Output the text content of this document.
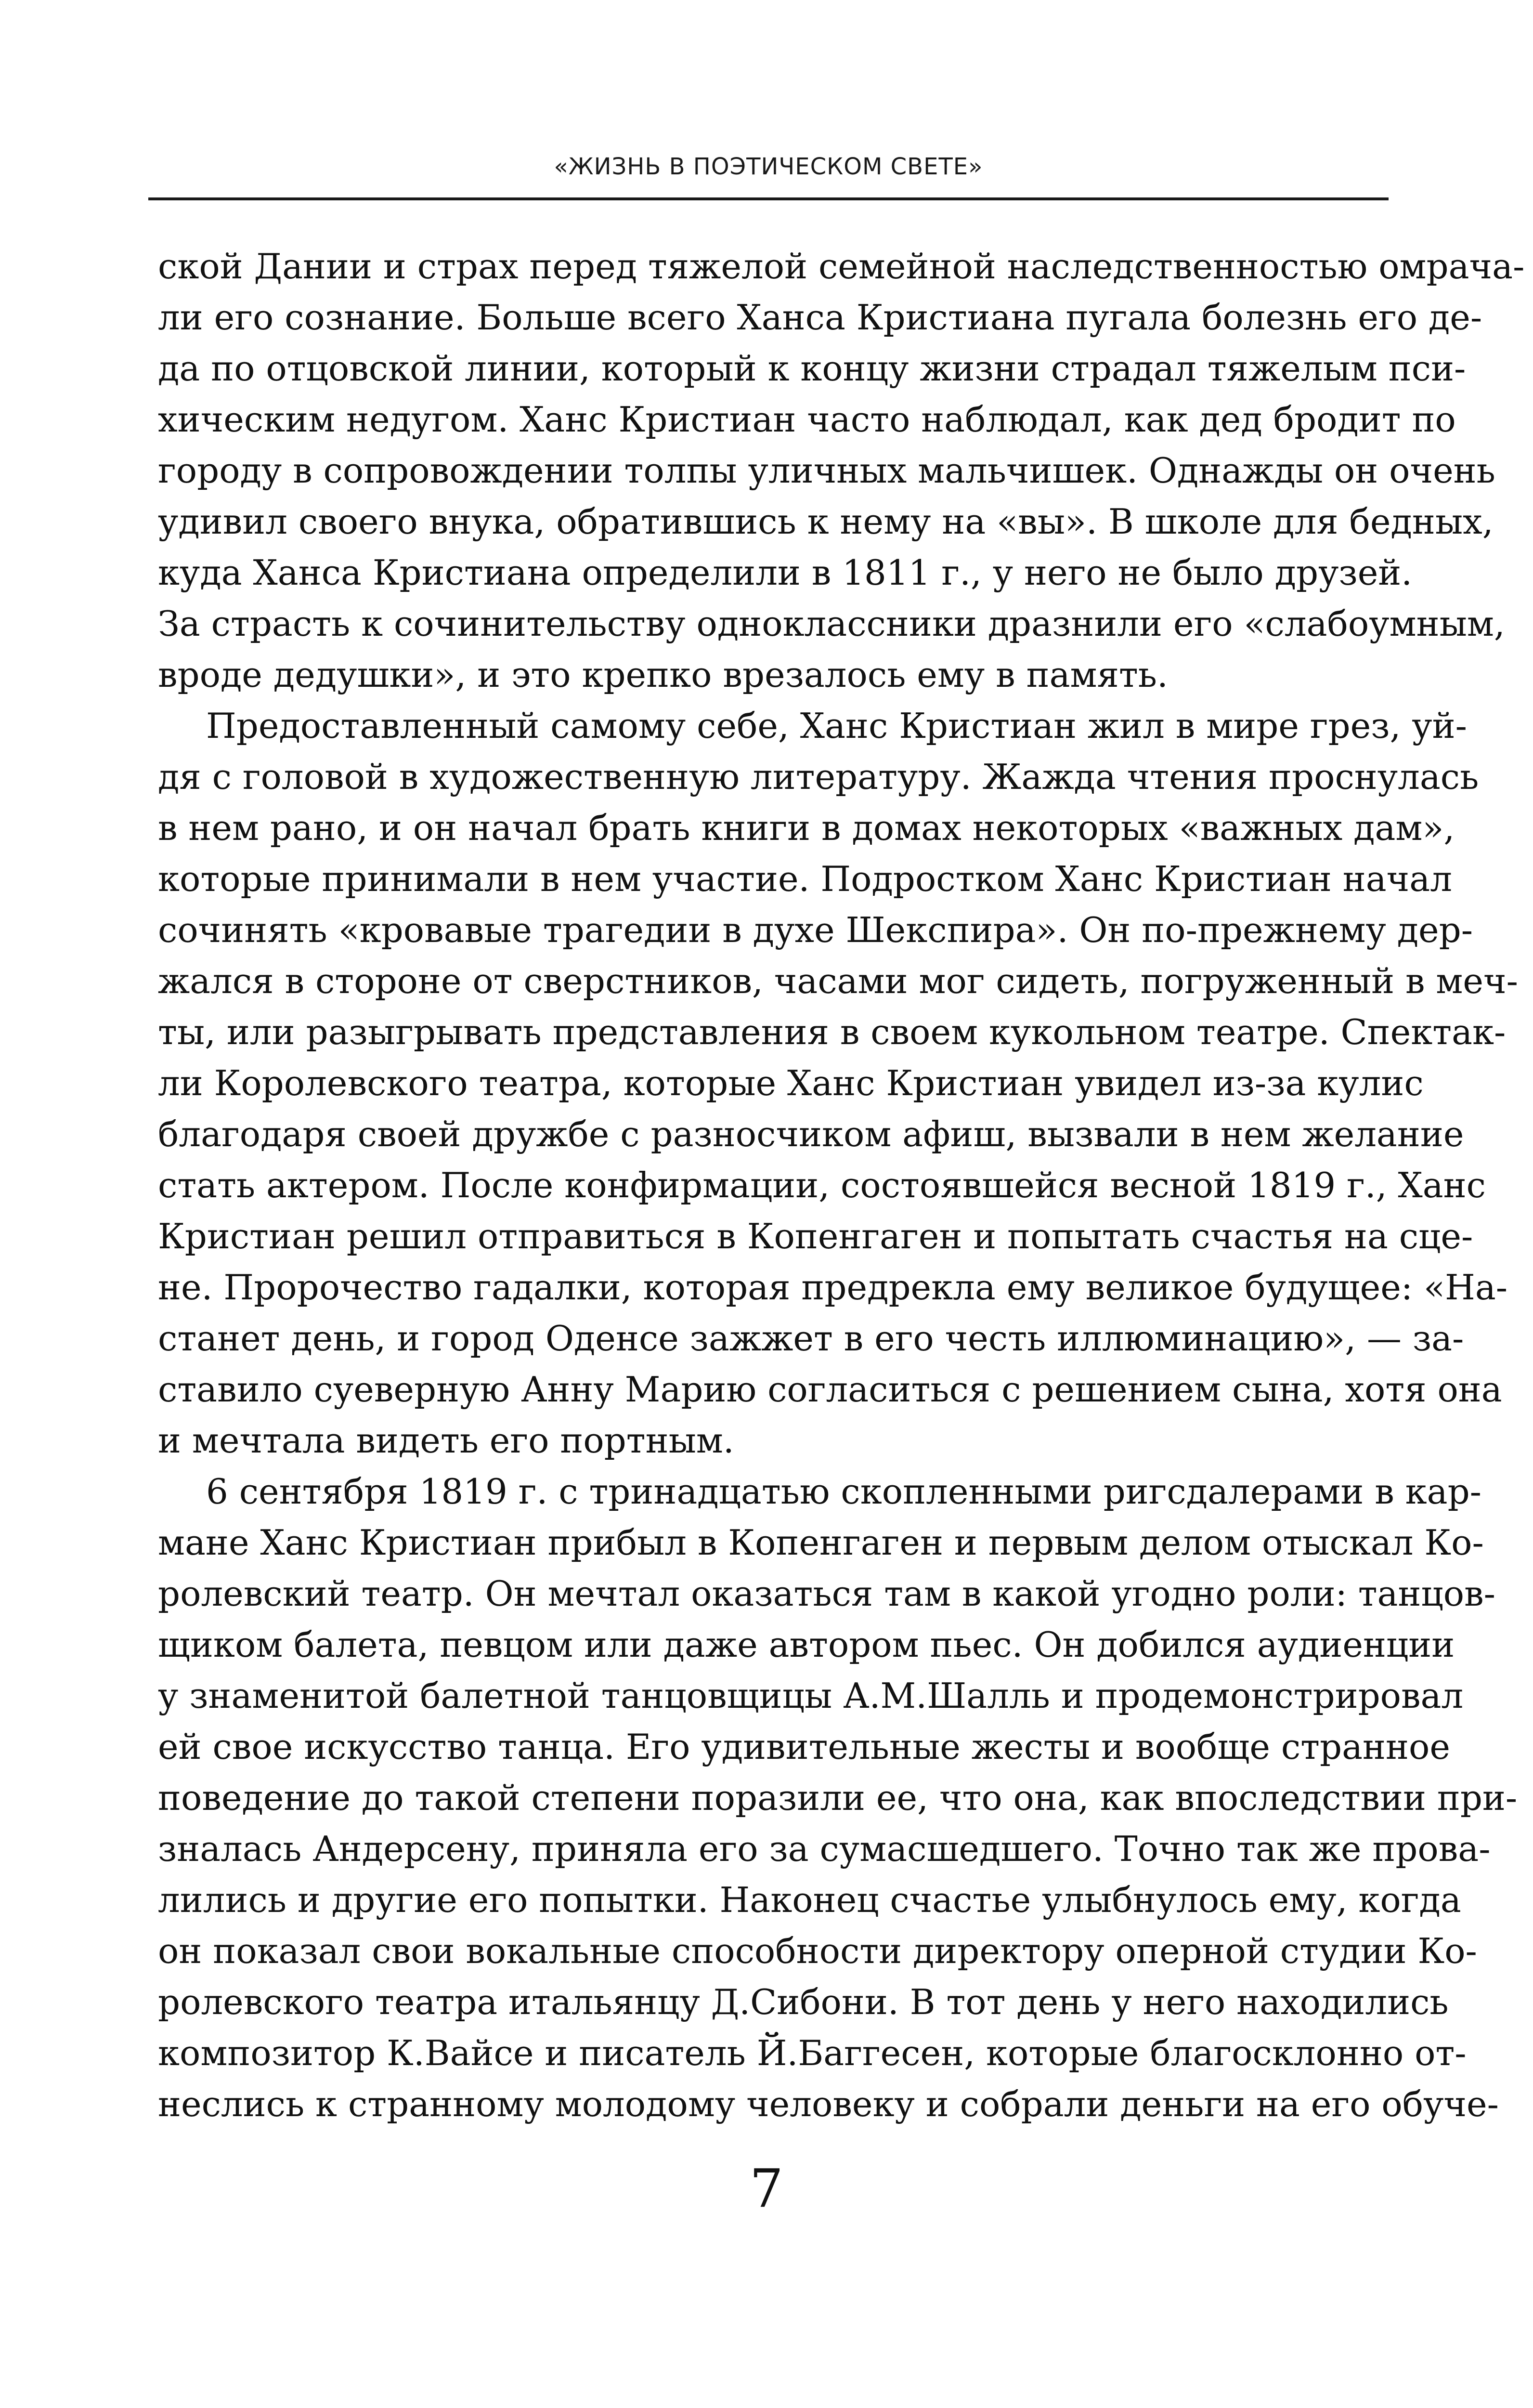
«ЖИЗНЬ В ПОЭТИЧЕСКОМ СВЕТЕ»
ской Дании и страх перед тяжелой семейной наследственностью омрача-
ли его сознание. Больше всего Ханса Кристиана пугала болезнь его де-
да по отцовской линии, который к концу жизни страдал тяжелым пси-
хическим недугом. Ханс Кристиан часто наблюдал, как дед бродит по
городу в сопровождении толпы уличных мальчишек. Однажды он очень
удивил своего внука, обратившись к нему на «вы». В школе для бедных,
куда Ханса Кристиана определили в 1811 г., у него не было друзей.
За страсть к сочинительству одноклассники дразнили его «слабоумным,
вроде дедушки», и это крепко врезалось ему в память.
Предоставленный самому себе, Ханс Кристиан жил в мире грез, уй-
дя с головой в художественную литературу. Жажда чтения проснулась
в нем рано, и он начал брать книги в домах некоторых «важных дам»,
которые принимали в нем участие. Подростком Ханс Кристиан начал
сочинять «кровавые трагедии в духе Шекспира». Он по-прежнему дер-
жался в стороне от сверстников, часами мог сидеть, погруженный в меч-
ты, или разыгрывать представления в своем кукольном театре. Спектак-
ли Королевского театра, которые Ханс Кристиан увидел из-за кулис
благодаря своей дружбе с разносчиком афиш, вызвали в нем желание
стать актером. После конфирмации, состоявшейся весной 1819 г., Ханс
Кристиан решил отправиться в Копенгаген и попытать счастья на сце-
не. Пророчество гадалки, которая предрекла ему великое будущее: «На-
станет день, и город Оденсе зажжет в его честь иллюминацию», — за-
ставило суеверную Анну Марию согласиться с решением сына, хотя она
и мечтала видеть его портным.
6 сентября 1819 г. с тринадцатью скопленными ригсдалерами в кар-
мане Ханс Кристиан прибыл в Копенгаген и первым делом отыскал Ко-
ролевский театр. Он мечтал оказаться там в какой угодно роли: танцов-
щиком балета, певцом или даже автором пьес. Он добился аудиенции
у знаменитой балетной танцовщицы А.М.Шалль и продемонстрировал
ей свое искусство танца. Его удивительные жесты и вообще странное
поведение до такой степени поразили ее, что она, как впоследствии при-
зналась Андерсену, приняла его за сумасшедшего. Точно так же прова-
лились и другие его попытки. Наконец счастье улыбнулось ему, когда
он показал свои вокальные способности директору оперной студии Ко-
ролевского театра итальянцу Д.Сибони. В тот день у него находились
композитор К.Вайсе и писатель Й.Баггесен, которые благосклонно от-
неслись к странному молодому человеку и собрали деньги на его обуче-
7
